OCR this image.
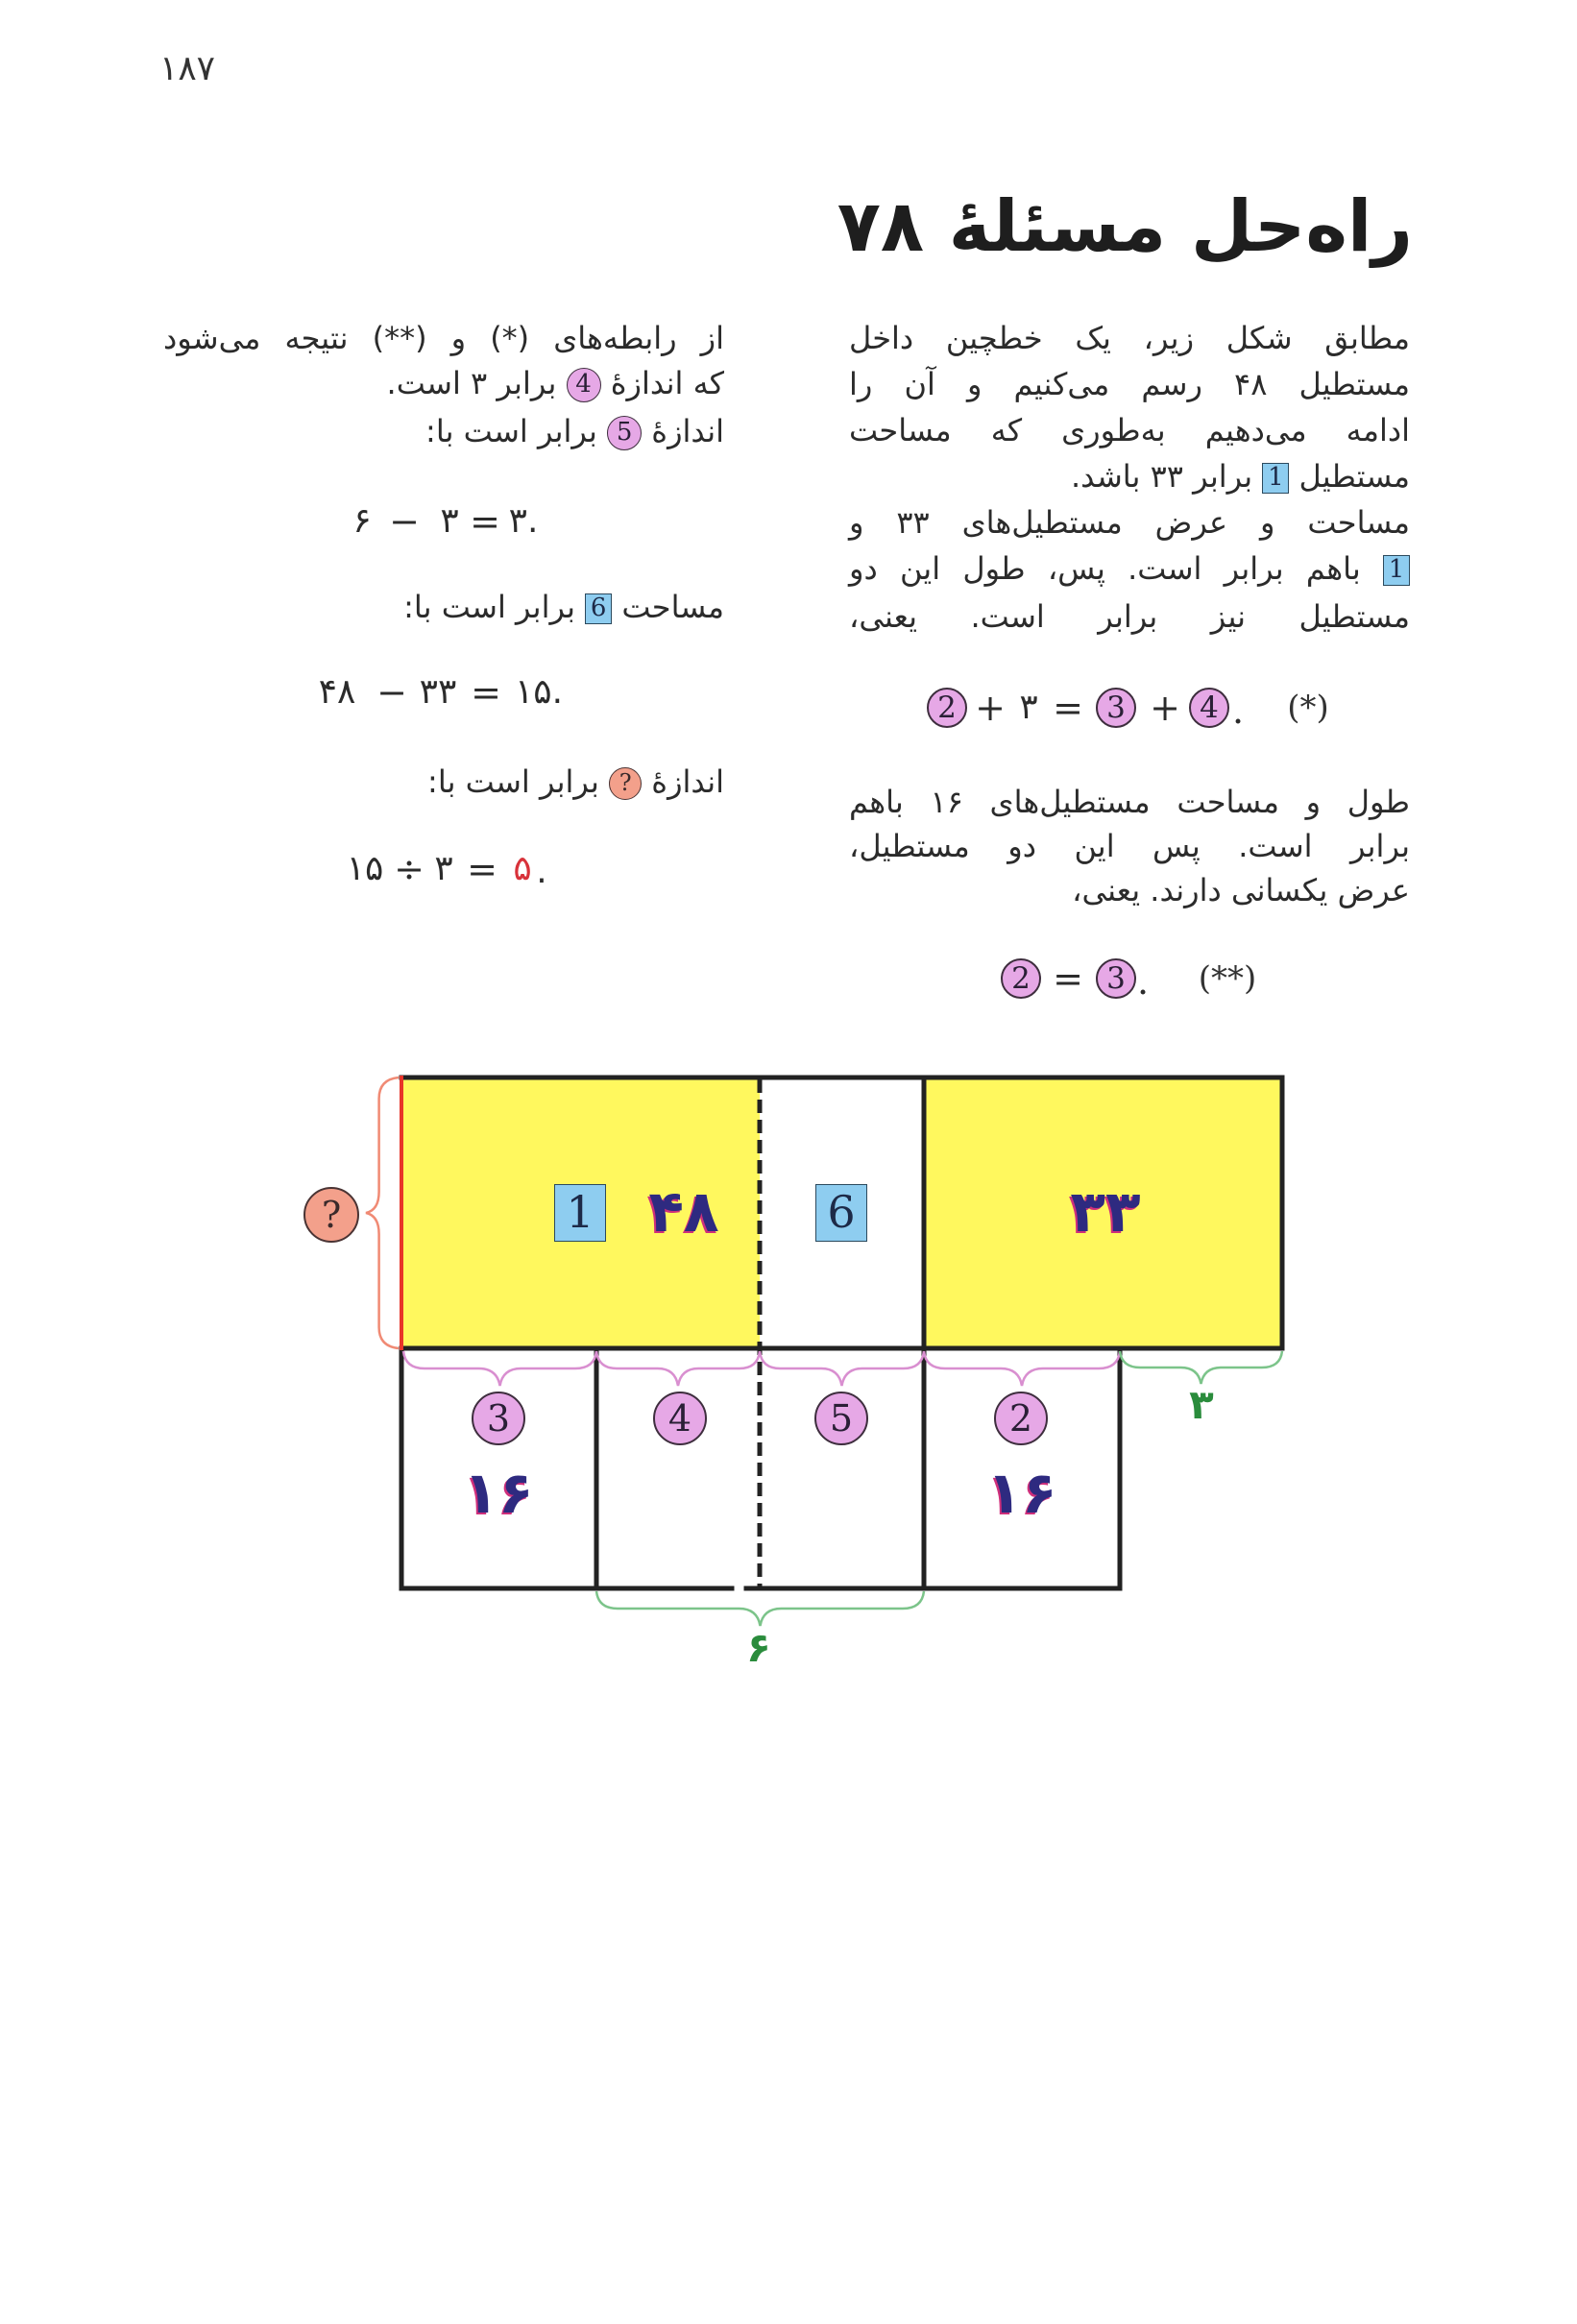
۱۸۷
راه‌حل مسئلهٔ ۷۸
مطابق شکل زیر، یک خطچین داخل
مستطیل ۴۸ رسم می‌کنیم و آن را
ادامه می‌دهیم به‌طوری که مساحت
مستطیل 1 برابر ۳۳ باشد.
مساحت و عرض مستطیل‌های ۳۳ و
1 باهم برابر است. پس، طول این دو
مستطیل نیز برابر است. یعنی،
2 + ۳ = 3 + 4 . (*)
طول و مساحت مستطیل‌های ۱۶ باهم
برابر است. پس این دو مستطیل،
عرض یکسانی دارند. یعنی،
2 = 3 . (**)
از رابطه‌های (*) و (**) نتیجه می‌شود
که اندازهٔ 4 برابر ۳ است.
اندازهٔ 5 برابر است با:
۶ − ۳ = ۳.
مساحت 6 برابر است با:
۴۸ − ۳۳ = ۱۵.
اندازهٔ ? برابر است با:
۱۵ ÷ ۳ = ۵ .
?	1 ۴۸ 6	۳۳
3	4	5	2
۱۶	۱۶
۳
۶
